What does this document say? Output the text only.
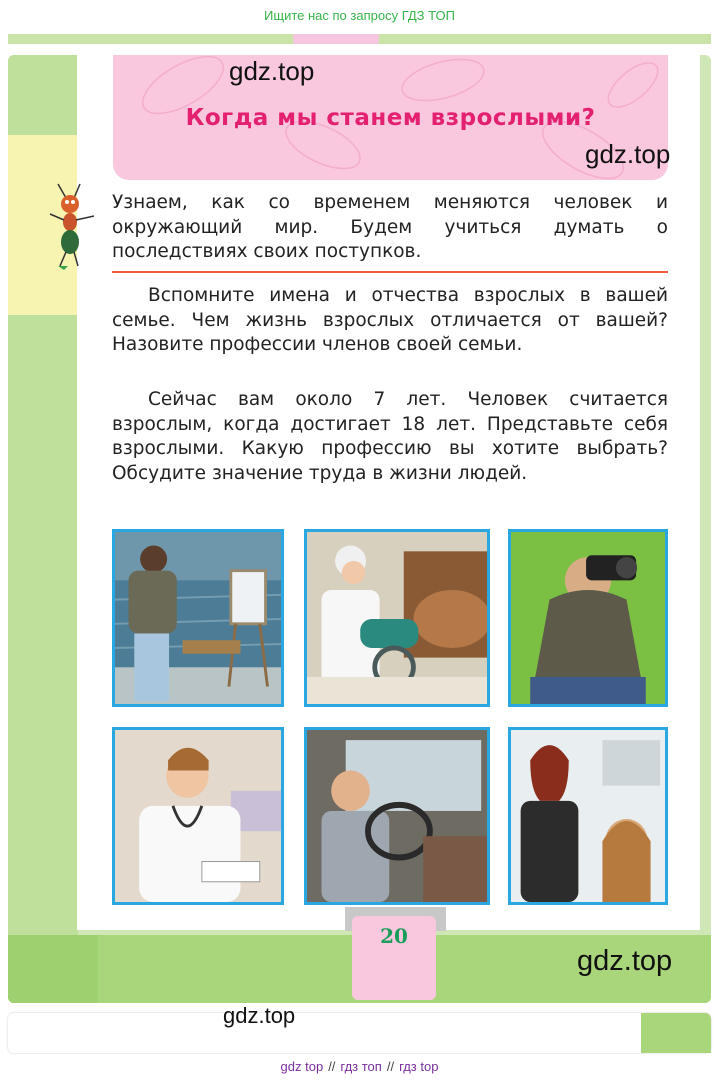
Ищите нас по запросу ГДЗ ТОП
Когда мы станем взрослыми?
gdz.top
gdz.top
Узнаем, как со временем меняются человек и окружающий мир. Будем учиться думать о последствиях своих поступков.
Вспомните имена и отчества взрослых в вашей семье. Чем жизнь взрослых отличается от вашей? Назовите профессии членов своей семьи.
Сейчас вам около 7 лет. Человек считается взрослым, когда достигает 18 лет. Представьте себя взрослыми. Какую профессию вы хотите выбрать? Обсудите значение труда в жизни людей.
20
gdz.top
gdz.top
gdz top // гдз топ // гдз top
